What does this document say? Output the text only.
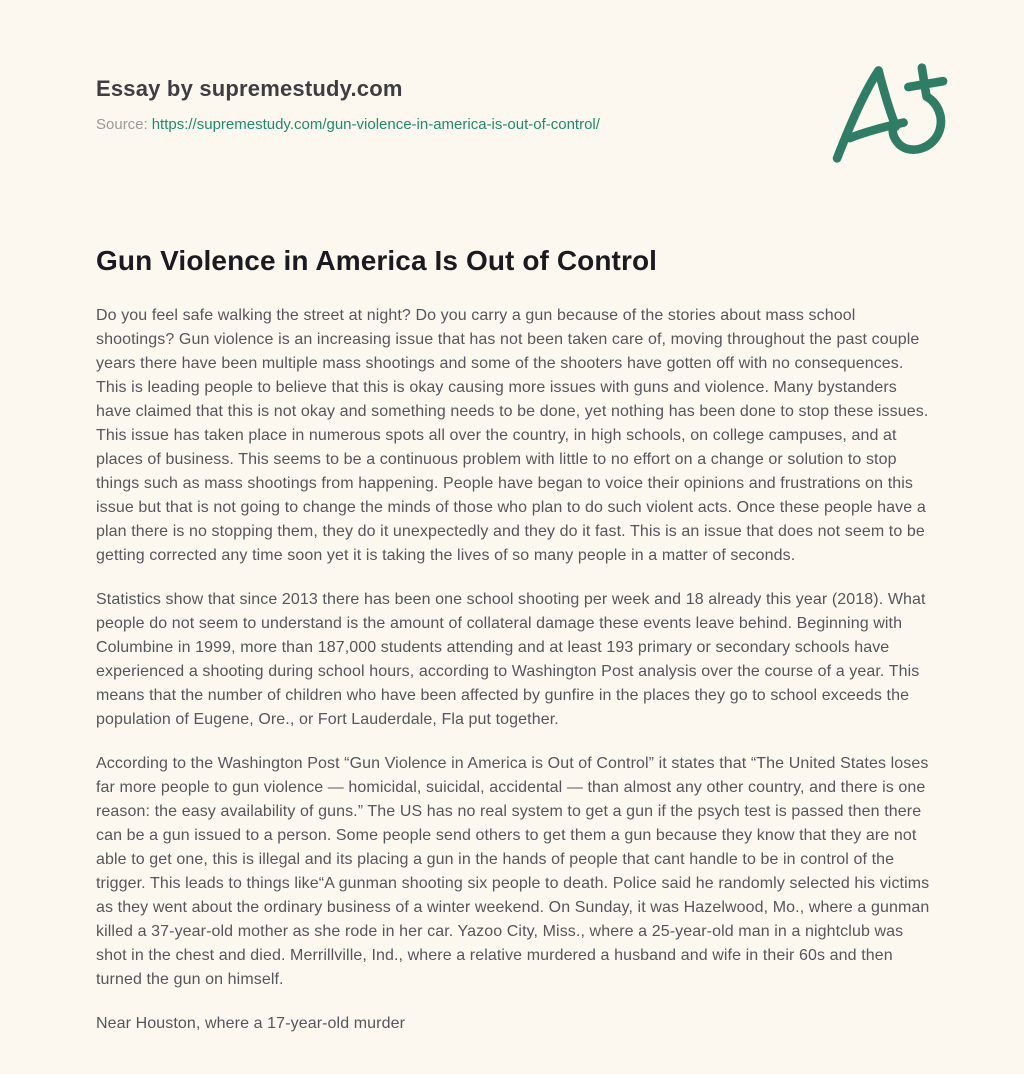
Essay by supremestudy.com
Source: https://supremestudy.com/gun-violence-in-america-is-out-of-control/
Gun Violence in America Is Out of Control

Do you feel safe walking the street at night? Do you carry a gun because of the stories about mass school shootings? Gun violence is an increasing issue that has not been taken care of, moving throughout the past couple years there have been multiple mass shootings and some of the shooters have gotten off with no consequences. This is leading people to believe that this is okay causing more issues with guns and violence. Many bystanders have claimed that this is not okay and something needs to be done, yet nothing has been done to stop these issues. This issue has taken place in numerous spots all over the country, in high schools, on college campuses, and at places of business. This seems to be a continuous problem with little to no effort on a change or solution to stop things such as mass shootings from happening. People have began to voice their opinions and frustrations on this issue but that is not going to change the minds of those who plan to do such violent acts. Once these people have a plan there is no stopping them, they do it unexpectedly and they do it fast. This is an issue that does not seem to be getting corrected any time soon yet it is taking the lives of so many people in a matter of seconds.

Statistics show that since 2013 there has been one school shooting per week and 18 already this year (2018). What people do not seem to understand is the amount of collateral damage these events leave behind. Beginning with Columbine in 1999, more than 187,000 students attending and at least 193 primary or secondary schools have experienced a shooting during school hours, according to Washington Post analysis over the course of a year. This means that the number of children who have been affected by gunfire in the places they go to school exceeds the population of Eugene, Ore., or Fort Lauderdale, Fla put together.

According to the Washington Post “Gun Violence in America is Out of Control” it states that “The United States loses far more people to gun violence — homicidal, suicidal, accidental — than almost any other country, and there is one reason: the easy availability of guns.” The US has no real system to get a gun if the psych test is passed then there can be a gun issued to a person. Some people send others to get them a gun because they know that they are not able to get one, this is illegal and its placing a gun in the hands of people that cant handle to be in control of the trigger. This leads to things like“A gunman shooting six people to death. Police said he randomly selected his victims as they went about the ordinary business of a winter weekend. On Sunday, it was Hazelwood, Mo., where a gunman killed a 37-year-old mother as she rode in her car. Yazoo City, Miss., where a 25-year-old man in a nightclub was shot in the chest and died. Merrillville, Ind., where a relative murdered a husband and wife in their 60s and then turned the gun on himself.

Near Houston, where a 17-year-old murder
